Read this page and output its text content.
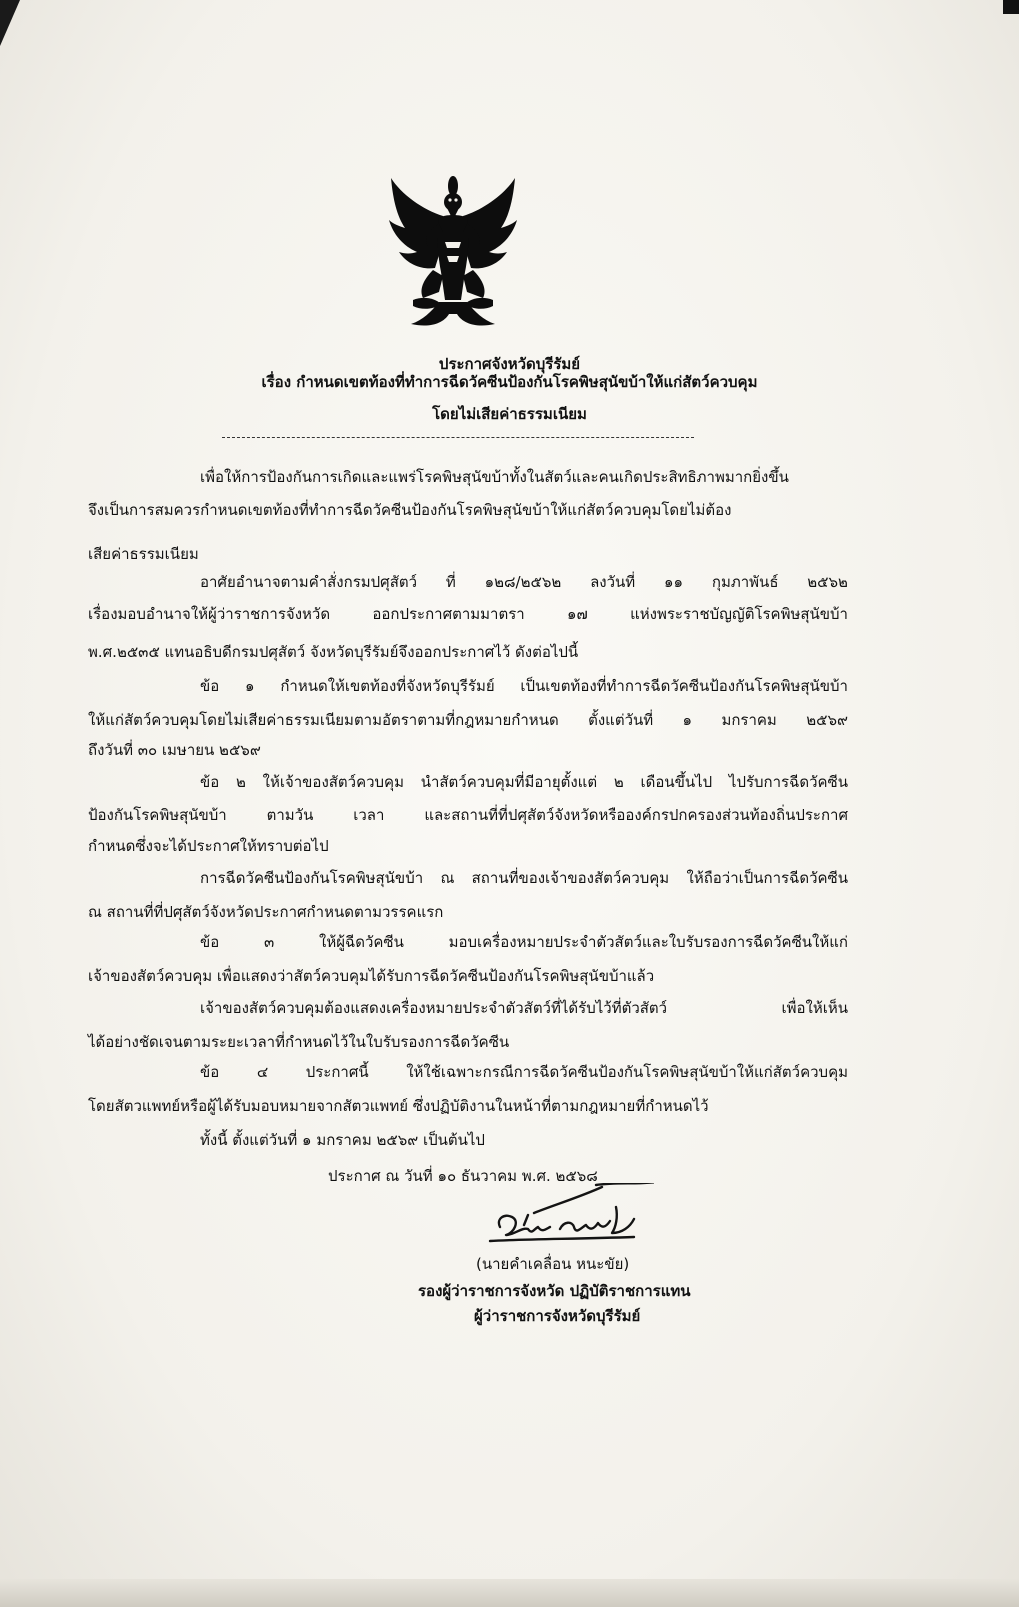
ประกาศจังหวัดบุรีรัมย์
เรื่อง กำหนดเขตท้องที่ทำการฉีดวัคซีนป้องกันโรคพิษสุนัขบ้าให้แก่สัตว์ควบคุม
โดยไม่เสียค่าธรรมเนียม
เพื่อให้การป้องกันการเกิดและแพร่โรคพิษสุนัขบ้าทั้งในสัตว์และคนเกิดประสิทธิภาพมากยิ่งขึ้น
จึงเป็นการสมควรกำหนดเขตท้องที่ทำการฉีดวัคซีนป้องกันโรคพิษสุนัขบ้าให้แก่สัตว์ควบคุมโดยไม่ต้อง
เสียค่าธรรมเนียม
อาศัยอำนาจตามคำสั่งกรมปศุสัตว์ ที่ ๑๒๘/๒๕๖๒ ลงวันที่ ๑๑ กุมภาพันธ์ ๒๕๖๒
เรื่องมอบอำนาจให้ผู้ว่าราชการจังหวัด	ออกประกาศตามมาตรา	๑๗	แห่งพระราชบัญญัติโรคพิษสุนัขบ้า
พ.ศ.๒๕๓๕ แทนอธิบดีกรมปศุสัตว์ จังหวัดบุรีรัมย์จึงออกประกาศไว้ ดังต่อไปนี้
ข้อ ๑ กำหนดให้เขตท้องที่จังหวัดบุรีรัมย์ เป็นเขตท้องที่ทำการฉีดวัคซีนป้องกันโรคพิษสุนัขบ้า
ให้แก่สัตว์ควบคุมโดยไม่เสียค่าธรรมเนียมตามอัตราตามที่กฎหมายกำหนด ตั้งแต่วันที่ ๑ มกราคม ๒๕๖๙
ถึงวันที่ ๓๐ เมษายน ๒๕๖๙
ข้อ ๒ ให้เจ้าของสัตว์ควบคุม นำสัตว์ควบคุมที่มีอายุตั้งแต่ ๒ เดือนขึ้นไป ไปรับการฉีดวัคซีน
ป้องกันโรคพิษสุนัขบ้า	ตามวัน	เวลา	และสถานที่ที่ปศุสัตว์จังหวัดหรือองค์กรปกครองส่วนท้องถิ่นประกาศ
กำหนดซึ่งจะได้ประกาศให้ทราบต่อไป
การฉีดวัคซีนป้องกันโรคพิษสุนัขบ้า ณ สถานที่ของเจ้าของสัตว์ควบคุม ให้ถือว่าเป็นการฉีดวัคซีน
ณ สถานที่ที่ปศุสัตว์จังหวัดประกาศกำหนดตามวรรคแรก
ข้อ	๓	ให้ผู้ฉีดวัคซีน	มอบเครื่องหมายประจำตัวสัตว์และใบรับรองการฉีดวัคซีนให้แก่
เจ้าของสัตว์ควบคุม เพื่อแสดงว่าสัตว์ควบคุมได้รับการฉีดวัคซีนป้องกันโรคพิษสุนัขบ้าแล้ว
เจ้าของสัตว์ควบคุมต้องแสดงเครื่องหมายประจำตัวสัตว์ที่ได้รับไว้ที่ตัวสัตว์	เพื่อให้เห็น
ได้อย่างชัดเจนตามระยะเวลาที่กำหนดไว้ในใบรับรองการฉีดวัคซีน
ข้อ	๔	ประกาศนี้	ให้ใช้เฉพาะกรณีการฉีดวัคซีนป้องกันโรคพิษสุนัขบ้าให้แก่สัตว์ควบคุม
โดยสัตวแพทย์หรือผู้ได้รับมอบหมายจากสัตวแพทย์ ซึ่งปฏิบัติงานในหน้าที่ตามกฎหมายที่กำหนดไว้
ทั้งนี้ ตั้งแต่วันที่ ๑ มกราคม ๒๕๖๙ เป็นต้นไป
ประกาศ ณ วันที่ ๑๐ ธันวาคม พ.ศ. ๒๕๖๘
(นายคำเคลื่อน หนะขัย)
รองผู้ว่าราชการจังหวัด ปฏิบัติราชการแทน
ผู้ว่าราชการจังหวัดบุรีรัมย์
